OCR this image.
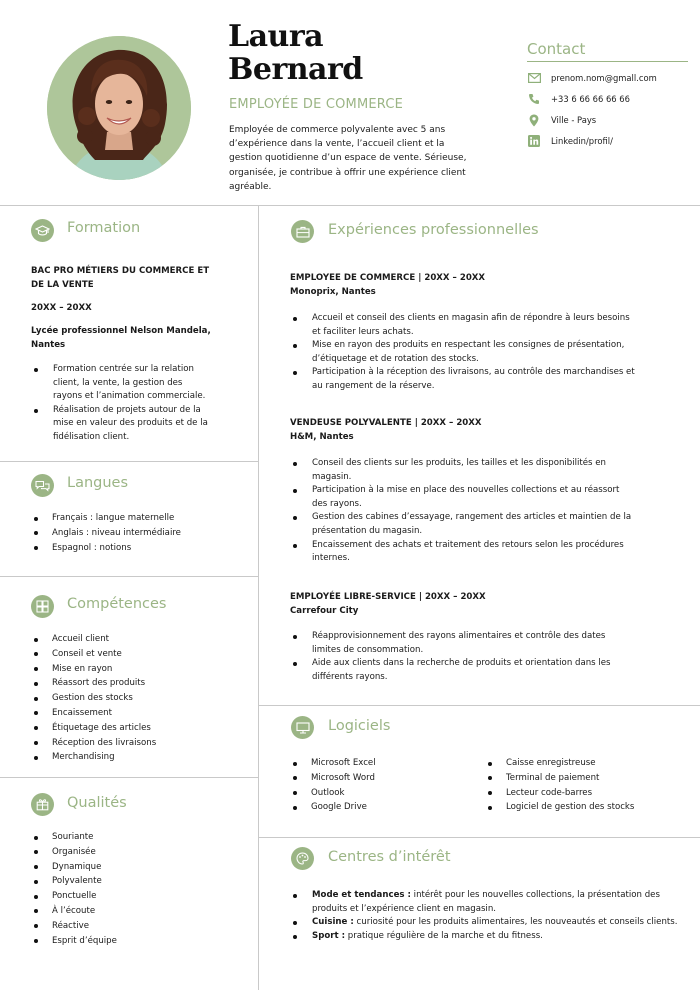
Laura
Bernard
EMPLOYÉE DE COMMERCE
Employée de commerce polyvalente avec 5 ans d’expérience dans la vente, l’accueil client et la gestion quotidienne d’un espace de vente. Sérieuse, organisée, je contribue à offrir une expérience client agréable.
Contact
prenom.nom@gmall.com
+33 6 66 66 66 66
Ville - Pays
Linkedin/profil/
Formation
BAC PRO MÉTIERS DU COMMERCE ET
DE LA VENTE
20XX – 20XX
Lycée professionnel Nelson Mandela,
Nantes
Formation centrée sur la relation client, la vente, la gestion des rayons et l’animation commerciale.
Réalisation de projets autour de la mise en valeur des produits et de la fidélisation client.
Langues
Français : langue maternelle
Anglais : niveau intermédiaire
Espagnol : notions
Compétences
Accueil client
Conseil et vente
Mise en rayon
Réassort des produits
Gestion des stocks
Encaissement
Étiquetage des articles
Réception des livraisons
Merchandising
Qualités
Souriante
Organisée
Dynamique
Polyvalente
Ponctuelle
À l’écoute
Réactive
Esprit d’équipe
Expériences professionnelles
EMPLOYEE DE COMMERCE | 20XX – 20XX
Monoprix, Nantes
Accueil et conseil des clients en magasin afin de répondre à leurs besoins et faciliter leurs achats.
Mise en rayon des produits en respectant les consignes de présentation, d’étiquetage et de rotation des stocks.
Participation à la réception des livraisons, au contrôle des marchandises et au rangement de la réserve.
VENDEUSE POLYVALENTE | 20XX – 20XX
H&M, Nantes
Conseil des clients sur les produits, les tailles et les disponibilités en magasin.
Participation à la mise en place des nouvelles collections et au réassort des rayons.
Gestion des cabines d’essayage, rangement des articles et maintien de la présentation du magasin.
Encaissement des achats et traitement des retours selon les procédures internes.
EMPLOYÉE LIBRE-SERVICE | 20XX – 20XX
Carrefour City
Réapprovisionnement des rayons alimentaires et contrôle des dates limites de consommation.
Aide aux clients dans la recherche de produits et orientation dans les différents rayons.
Logiciels
Microsoft Excel
Microsoft Word
Outlook
Google Drive
Caisse enregistreuse
Terminal de paiement
Lecteur code-barres
Logiciel de gestion des stocks
Centres d’intérêt
Mode et tendances : intérêt pour les nouvelles collections, la présentation des produits et l’expérience client en magasin.
Cuisine : curiosité pour les produits alimentaires, les nouveautés et conseils clients.
Sport : pratique régulière de la marche et du fitness.
